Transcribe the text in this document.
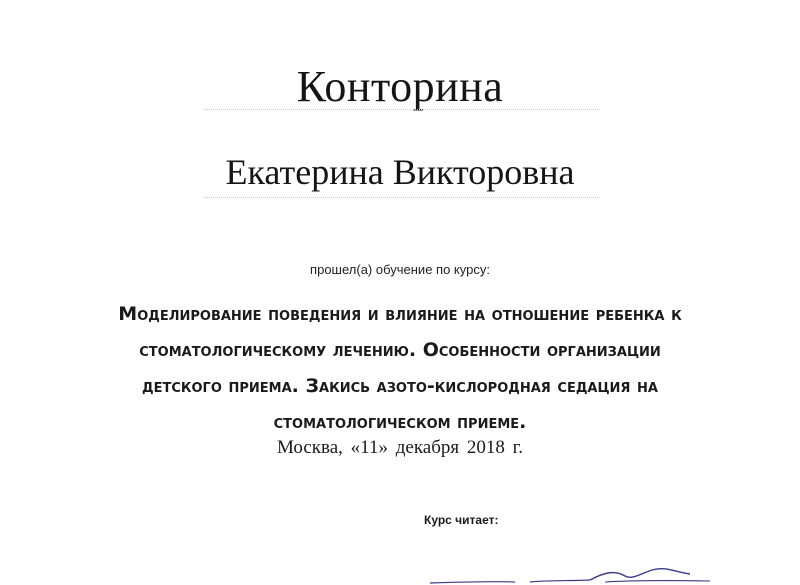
Конторина
Екатерина Викторовна
прошел(а) обучение по курсу:
Моделирование поведения и влияние на отношение ребенка к
стоматологическому лечению. Особенности организации
детского приема. Закись азото-кислородная седация на
стоматологическом приеме.
Москва, «11» декабря 2018 г.
Курс читает:
